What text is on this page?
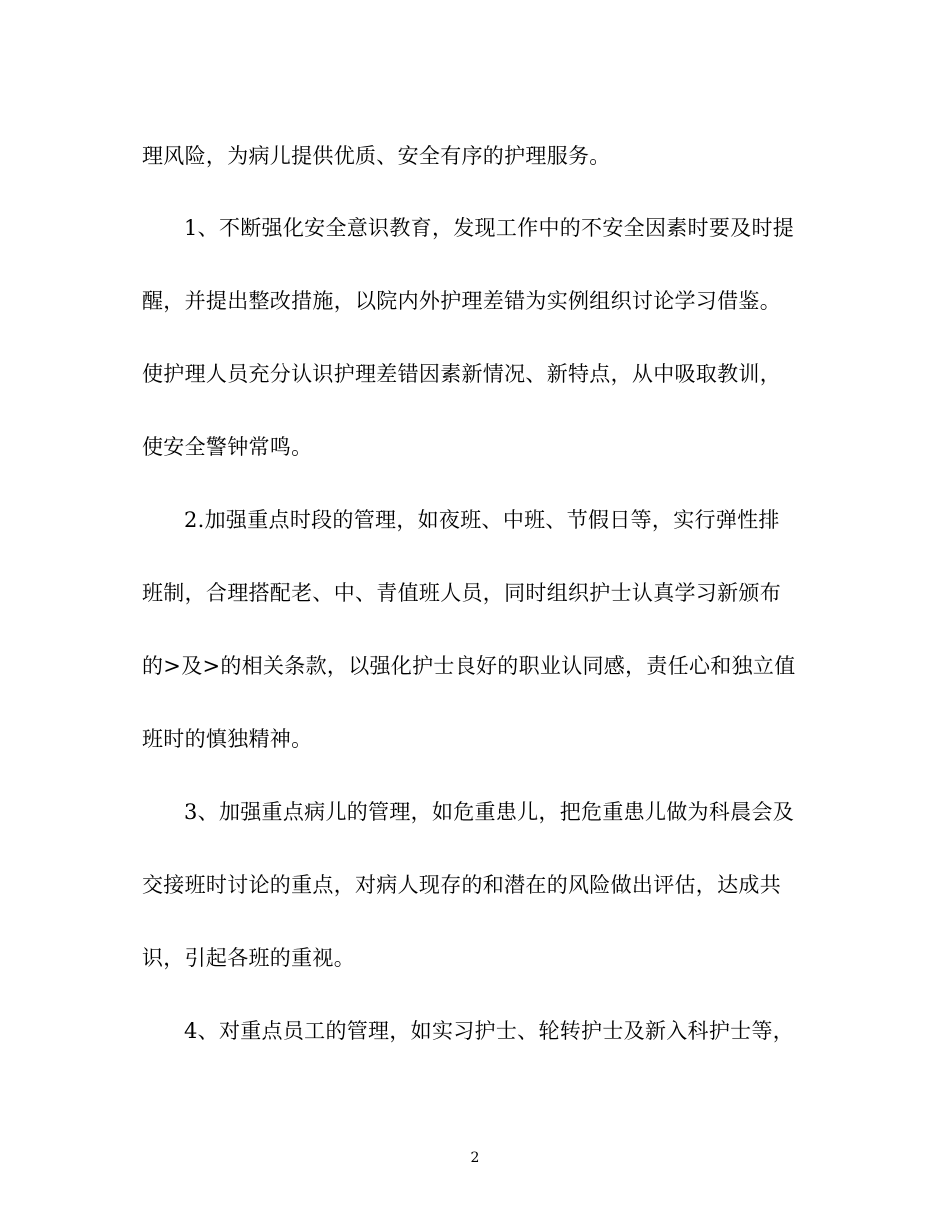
理风险，为病儿提供优质、安全有序的护理服务。
1、不断强化安全意识教育，发现工作中的不安全因素时要及时提
醒，并提出整改措施，以院内外护理差错为实例组织讨论学习借鉴。
使护理人员充分认识护理差错因素新情况、新特点，从中吸取教训，
使安全警钟常鸣。
2.加强重点时段的管理，如夜班、中班、节假日等，实行弹性排
班制，合理搭配老、中、青值班人员，同时组织护士认真学习新颁布
的>及>的相关条款，以强化护士良好的职业认同感，责任心和独立值
班时的慎独精神。
3、加强重点病儿的管理，如危重患儿，把危重患儿做为科晨会及
交接班时讨论的重点，对病人现存的和潜在的风险做出评估，达成共
识，引起各班的重视。
4、对重点员工的管理，如实习护士、轮转护士及新入科护士等，
2
